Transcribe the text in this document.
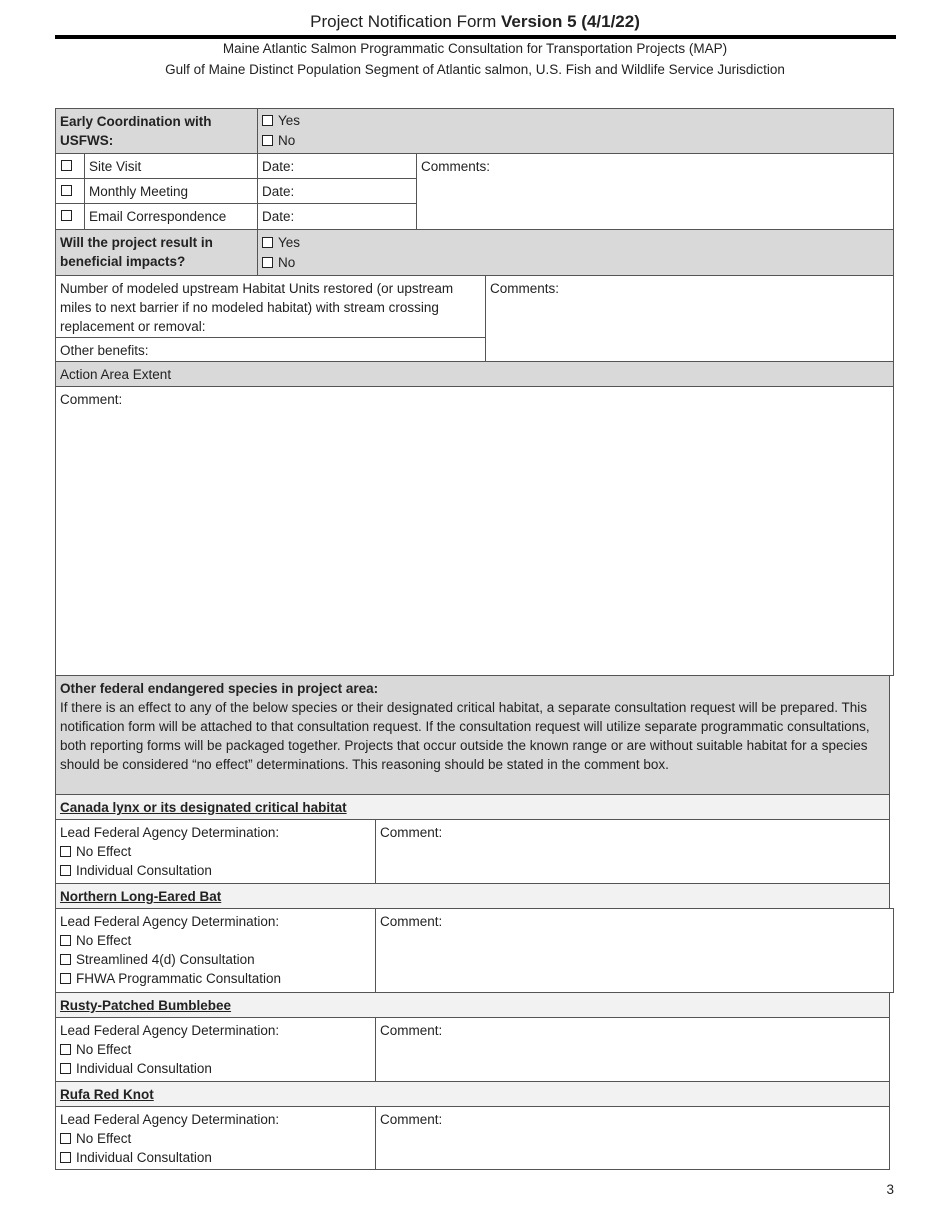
Project Notification Form Version 5 (4/1/22)
Maine Atlantic Salmon Programmatic Consultation for Transportation Projects (MAP)
Gulf of Maine Distinct Population Segment of Atlantic salmon, U.S. Fish and Wildlife Service Jurisdiction
Early Coordination with USFWS:
Yes
No
Site Visit	Date:
Monthly Meeting	Date:
Email Correspondence	Date:
Comments:
Will the project result in beneficial impacts?
Yes
No
Number of modeled upstream Habitat Units restored (or upstream miles to next barrier if no modeled habitat) with stream crossing replacement or removal:
Other benefits:
Comments:
Action Area Extent
Comment:
Other federal endangered species in project area:
If there is an effect to any of the below species or their designated critical habitat, a separate consultation request will be prepared. This notification form will be attached to that consultation request. If the consultation request will utilize separate programmatic consultations, both reporting forms will be packaged together. Projects that occur outside the known range or are without suitable habitat for a species should be considered “no effect” determinations. This reasoning should be stated in the comment box.
Canada lynx or its designated critical habitat
Lead Federal Agency Determination:
No Effect
Individual Consultation
Comment:
Northern Long-Eared Bat
Lead Federal Agency Determination:
No Effect
Streamlined 4(d) Consultation
FHWA Programmatic Consultation
Comment:
Rusty-Patched Bumblebee
Lead Federal Agency Determination:
No Effect
Individual Consultation
Comment:
Rufa Red Knot
Lead Federal Agency Determination:
No Effect
Individual Consultation
Comment:
3
